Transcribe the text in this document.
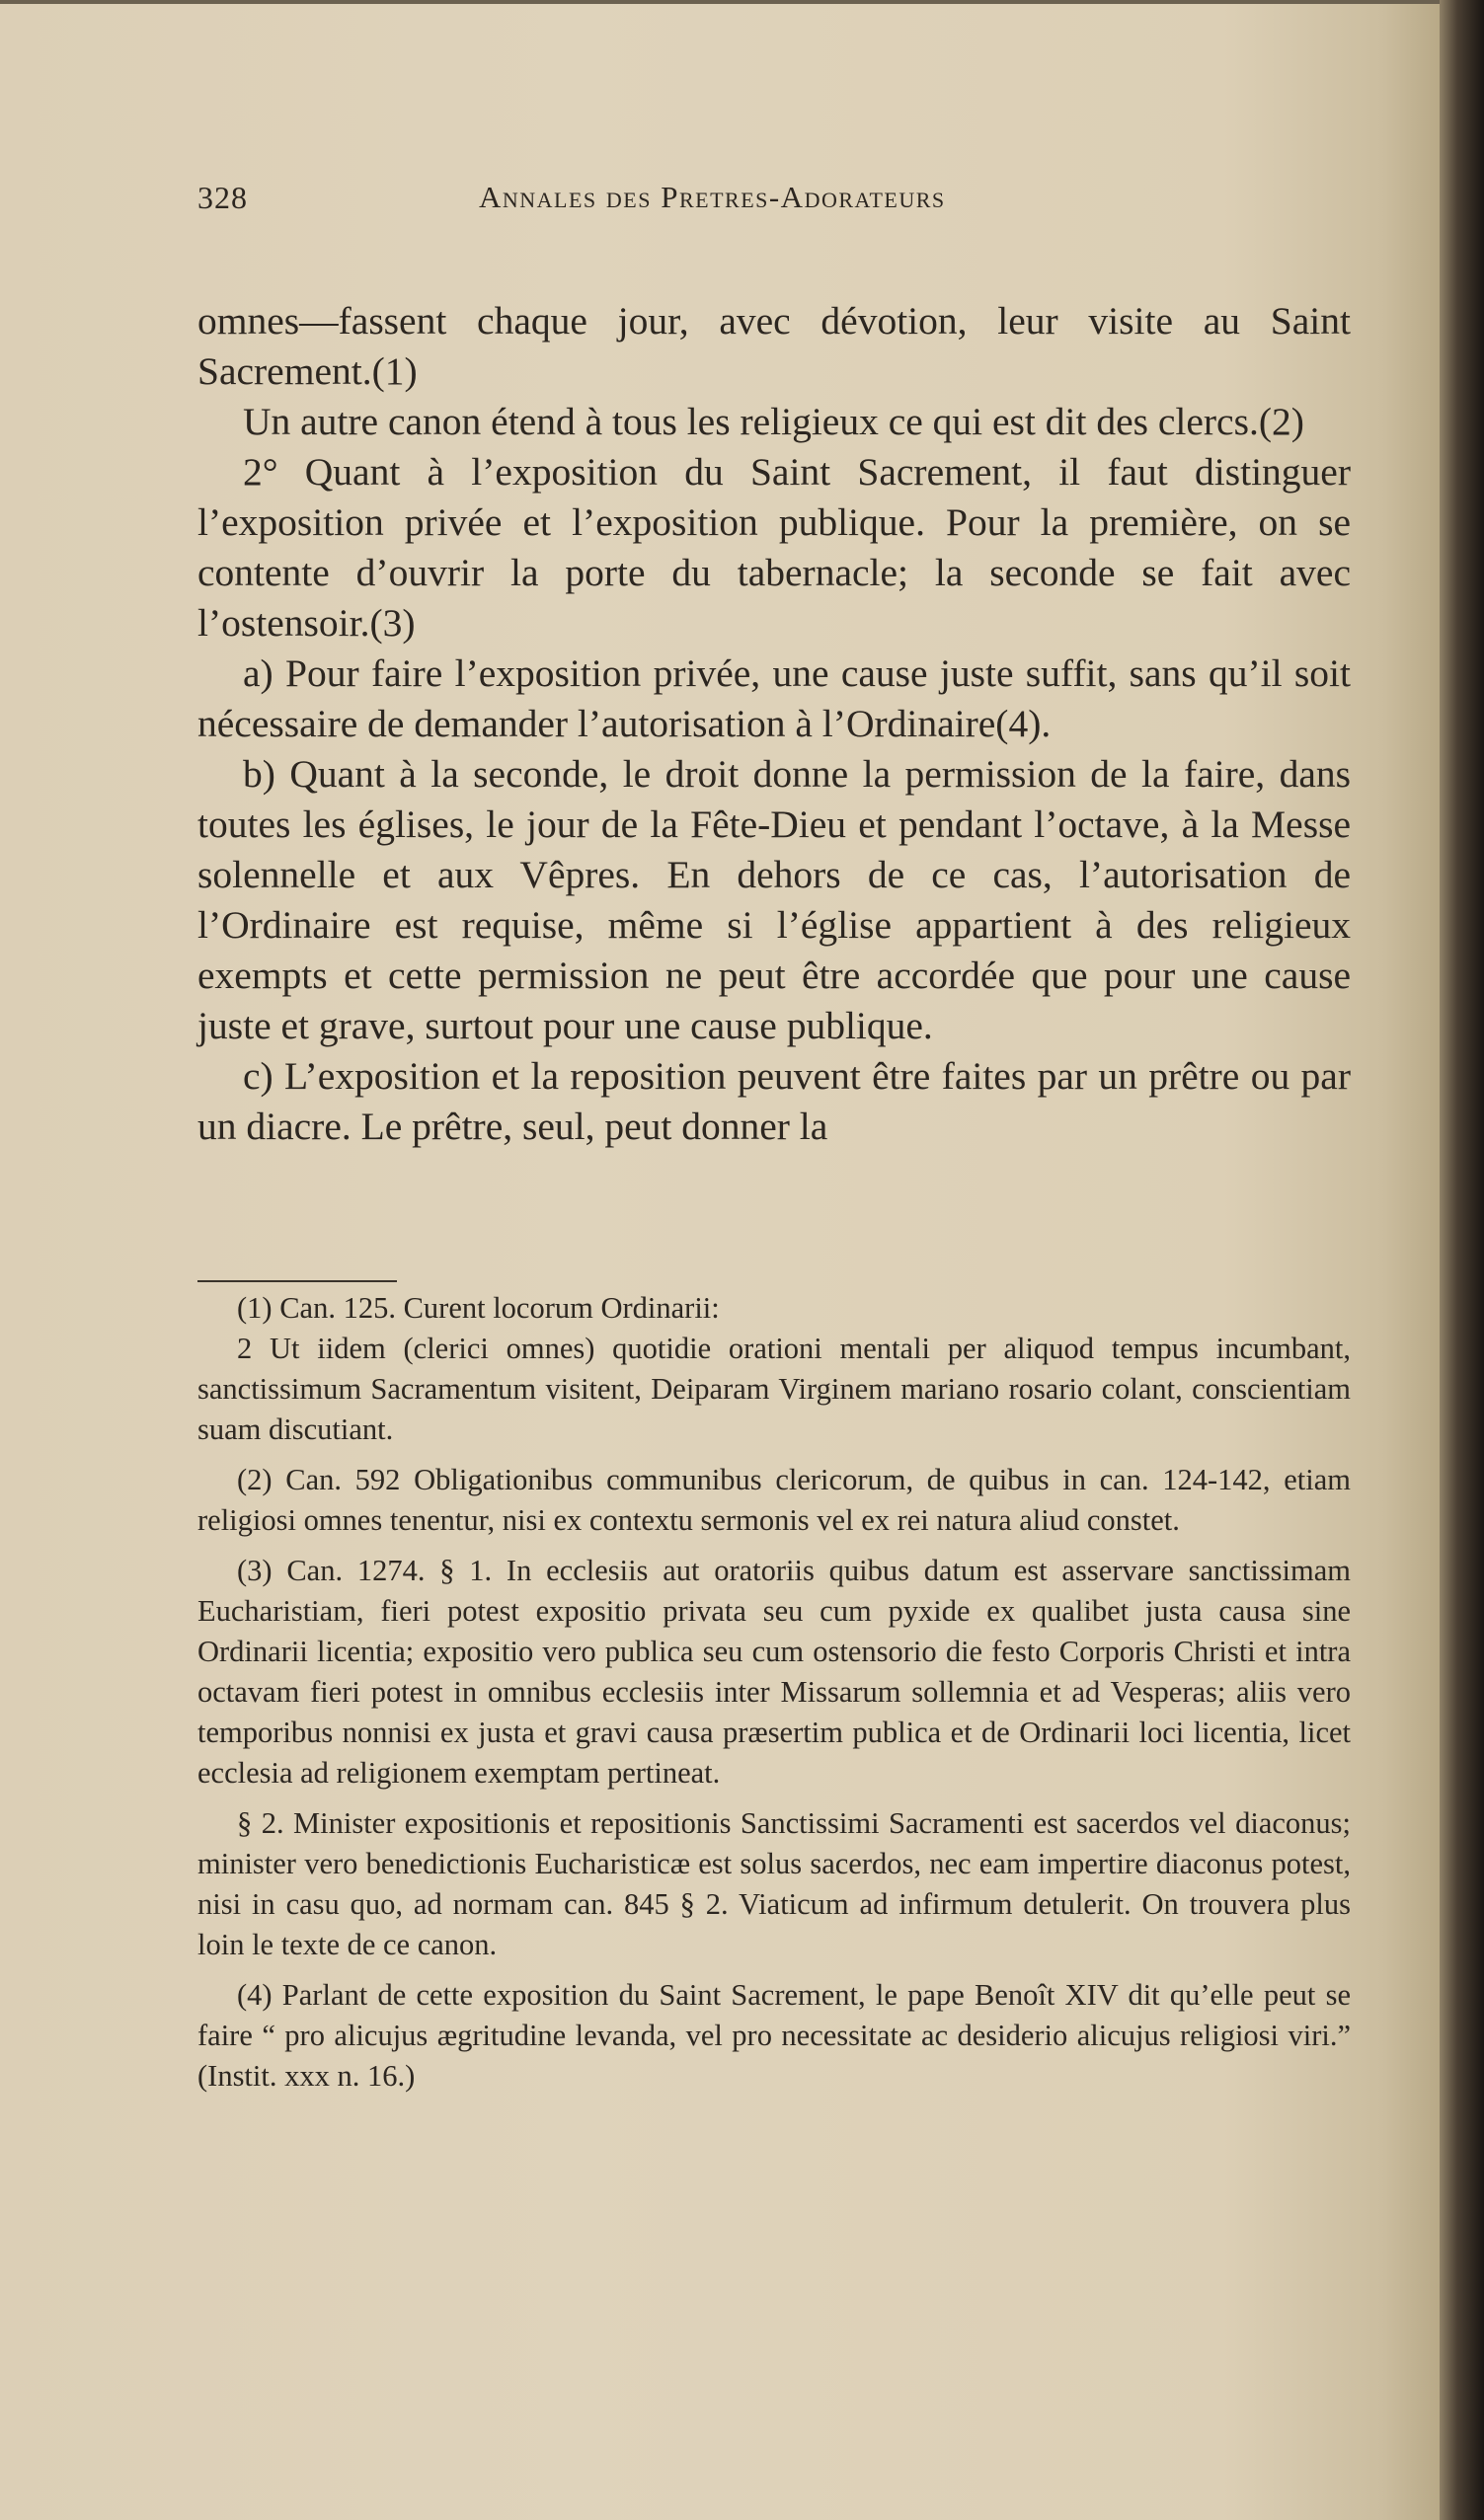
328	Annales des Pretres-Adorateurs

omnes—fassent chaque jour, avec dévotion, leur visite au Saint Sacrement.(1)

Un autre canon étend à tous les religieux ce qui est dit des clercs.(2)

2° Quant à l’exposition du Saint Sacrement, il faut distinguer l’exposition privée et l’exposition publique. Pour la première, on se contente d’ouvrir la porte du tabernacle; la seconde se fait avec l’ostensoir.(3)

a) Pour faire l’exposition privée, une cause juste suffit, sans qu’il soit nécessaire de demander l’autorisation à l’Ordinaire(4).

b) Quant à la seconde, le droit donne la permission de la faire, dans toutes les églises, le jour de la Fête-Dieu et pendant l’octave, à la Messe solennelle et aux Vêpres. En dehors de ce cas, l’autorisation de l’Ordinaire est requise, même si l’église appartient à des religieux exempts et cette permission ne peut être accordée que pour une cause juste et grave, surtout pour une cause publique.

c) L’exposition et la reposition peuvent être faites par un prêtre ou par un diacre. Le prêtre, seul, peut donner la

(1) Can. 125. Curent locorum Ordinarii:

2 Ut iidem (clerici omnes) quotidie orationi mentali per aliquod tempus incumbant, sanctissimum Sacramentum visitent, Deiparam Virginem mariano rosario colant, conscientiam suam discutiant.

(2) Can. 592 Obligationibus communibus clericorum, de quibus in can. 124-142, etiam religiosi omnes tenentur, nisi ex contextu sermonis vel ex rei natura aliud constet.

(3) Can. 1274. § 1. In ecclesiis aut oratoriis quibus datum est asservare sanctissimam Eucharistiam, fieri potest expositio privata seu cum pyxide ex qualibet justa causa sine Ordinarii licentia; expositio vero publica seu cum ostensorio die festo Corporis Christi et intra octavam fieri potest in omnibus ecclesiis inter Missarum sollemnia et ad Vesperas; aliis vero temporibus nonnisi ex justa et gravi causa præsertim publica et de Ordinarii loci licentia, licet ecclesia ad religionem exemptam pertineat.

§ 2. Minister expositionis et repositionis Sanctissimi Sacramenti est sacerdos vel diaconus; minister vero benedictionis Eucharisticæ est solus sacerdos, nec eam impertire diaconus potest, nisi in casu quo, ad normam can. 845 § 2. Viaticum ad infirmum detulerit. On trouvera plus loin le texte de ce canon.

(4) Parlant de cette exposition du Saint Sacrement, le pape Benoît XIV dit qu’elle peut se faire “ pro alicujus ægritudine levanda, vel pro necessitate ac desiderio alicujus religiosi viri.” (Instit. xxx n. 16.)
